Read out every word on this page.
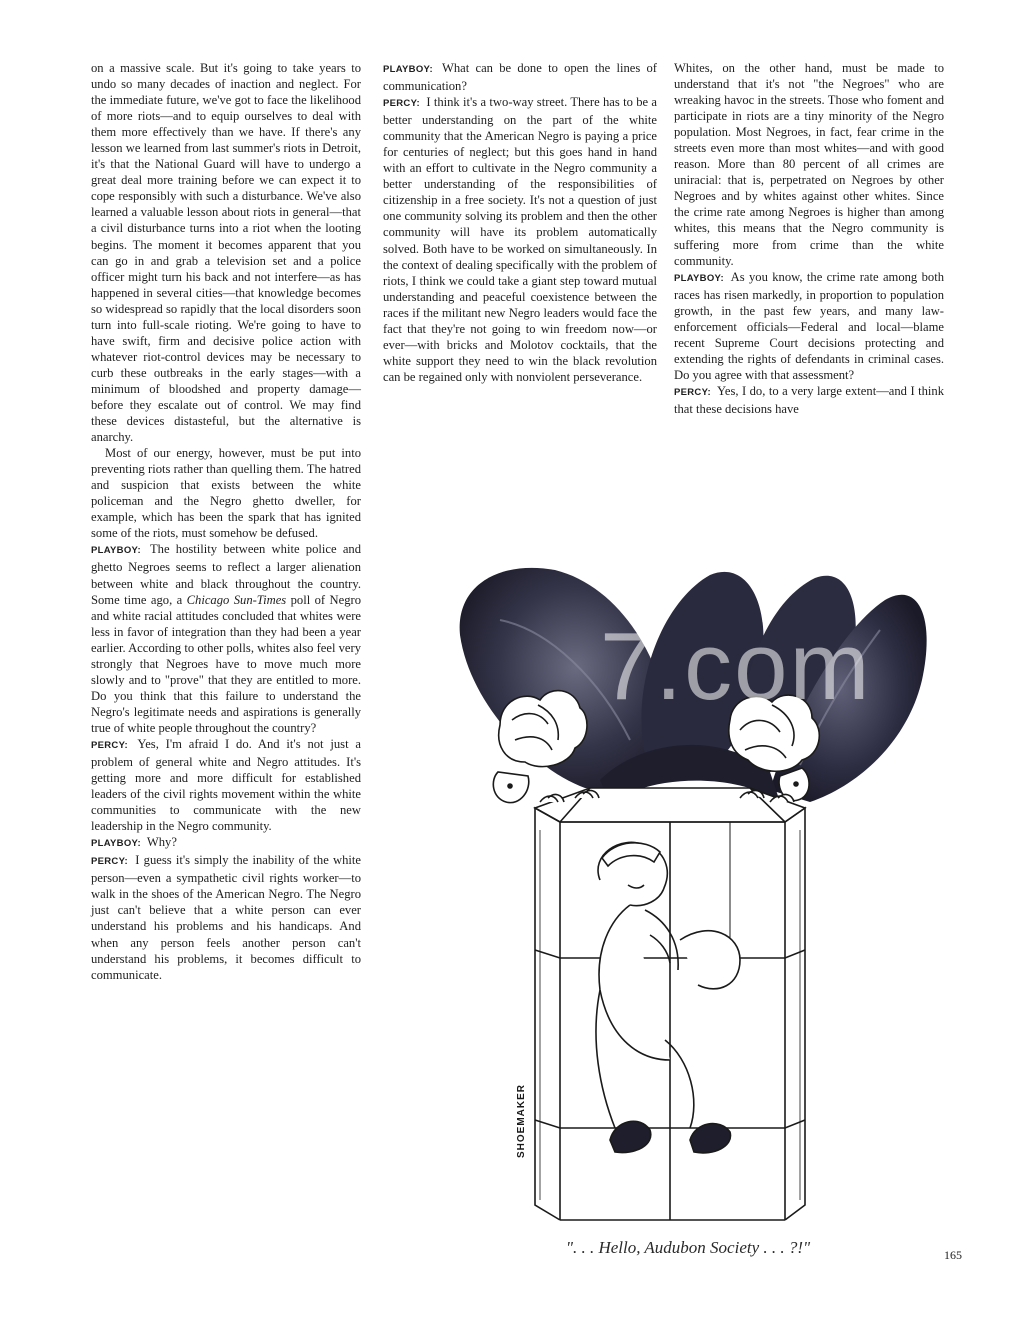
on a massive scale. But it's going to take years to undo so many decades of inaction and neglect. For the immediate future, we've got to face the likelihood of more riots—and to equip ourselves to deal with them more effectively than we have. If there's any lesson we learned from last summer's riots in Detroit, it's that the National Guard will have to undergo a great deal more training before we can expect it to cope responsibly with such a disturbance. We've also learned a valuable lesson about riots in general—that a civil disturbance turns into a riot when the looting begins. The moment it becomes apparent that you can go in and grab a television set and a police officer might turn his back and not interfere—as has happened in several cities—that knowledge becomes so widespread so rapidly that the local disorders soon turn into full-scale rioting. We're going to have to have swift, firm and decisive police action with whatever riot-control devices may be necessary to curb these outbreaks in the early stages—with a minimum of bloodshed and property damage—before they escalate out of control. We may find these devices distasteful, but the alternative is anarchy.

Most of our energy, however, must be put into preventing riots rather than quelling them. The hatred and suspicion that exists between the white policeman and the Negro ghetto dweller, for example, which has been the spark that has ignited some of the riots, must somehow be defused.

PLAYBOY: The hostility between white police and ghetto Negroes seems to reflect a larger alienation between white and black throughout the country. Some time ago, a Chicago Sun-Times poll of Negro and white racial attitudes concluded that whites were less in favor of integration than they had been a year earlier. According to other polls, whites also feel very strongly that Negroes have to move much more slowly and to "prove" that they are entitled to more. Do you think that this failure to understand the Negro's legitimate needs and aspirations is generally true of white people throughout the country?

PERCY: Yes, I'm afraid I do. And it's not just a problem of general white and Negro attitudes. It's getting more and more difficult for established leaders of the civil rights movement within the white communities to communicate with the new leadership in the Negro community.

PLAYBOY: Why?

PERCY: I guess it's simply the inability of the white person—even a sympathetic civil rights worker—to walk in the shoes of the American Negro. The Negro just can't believe that a white person can ever understand his problems and his handicaps. And when any person feels another person can't understand his problems, it becomes difficult to communicate.

PLAYBOY: What can be done to open the lines of communication?

PERCY: I think it's a two-way street. There has to be a better understanding on the part of the white community that the American Negro is paying a price for centuries of neglect; but this goes hand in hand with an effort to cultivate in the Negro community a better understanding of the responsibilities of citizenship in a free society. It's not a question of just one community solving its problem and then the other community will have its problem automatically solved. Both have to be worked on simultaneously. In the context of dealing specifically with the problem of riots, I think we could take a giant step toward mutual understanding and peaceful coexistence between the races if the militant new Negro leaders would face the fact that they're not going to win freedom now—or ever—with bricks and Molotov cocktails, that the white support they need to win the black revolution can be regained only with nonviolent perseverance.

Whites, on the other hand, must be made to understand that it's not "the Negroes" who are wreaking havoc in the streets. Those who foment and participate in riots are a tiny minority of the Negro population. Most Negroes, in fact, fear crime in the streets even more than most whites—and with good reason. More than 80 percent of all crimes are uniracial: that is, perpetrated on Negroes by other Negroes and by whites against other whites. Since the crime rate among Negroes is higher than among whites, this means that the Negro community is suffering more from crime than the white community.

PLAYBOY: As you know, the crime rate among both races has risen markedly, in proportion to population growth, in the past few years, and many law-enforcement officials—Federal and local—blame recent Supreme Court decisions protecting and extending the rights of defendants in criminal cases. Do you agree with that assessment?

PERCY: Yes, I do, to a very large extent—and I think that these decisions have

SHOEMAKER
7.com
". . . Hello, Audubon Society . . . ?!"	165
